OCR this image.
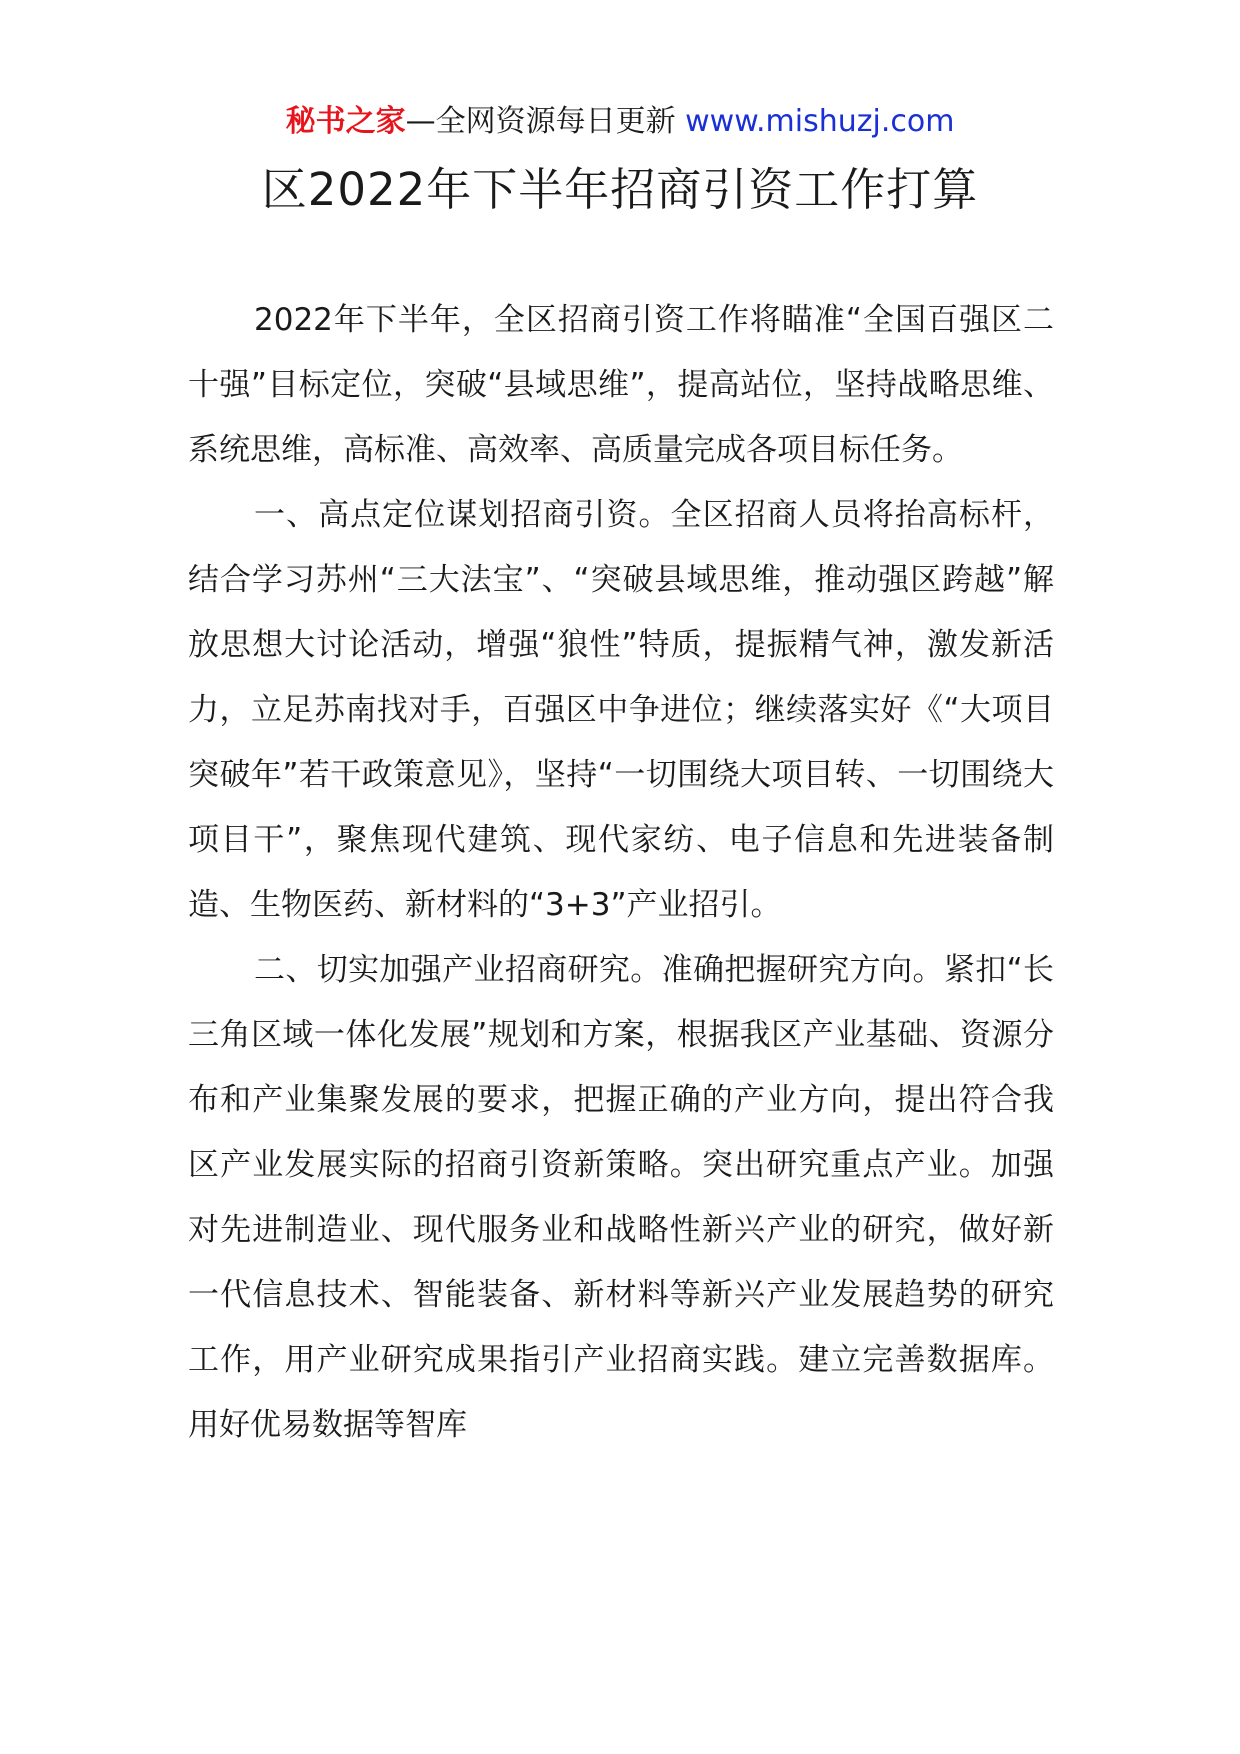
秘书之家—全网资源每日更新 www.mishuzj.com
区2022年下半年招商引资工作打算

2022年下半年，全区招商引资工作将瞄准“全国百强区二十强”目标定位，突破“县域思维”，提高站位，坚持战略思维、系统思维，高标准、高效率、高质量完成各项目标任务。

一、高点定位谋划招商引资。全区招商人员将抬高标杆，结合学习苏州“三大法宝”、“突破县域思维，推动强区跨越”解放思想大讨论活动，增强“狼性”特质，提振精气神，激发新活力，立足苏南找对手，百强区中争进位；继续落实好《“大项目突破年”若干政策意见》，坚持“一切围绕大项目转、一切围绕大项目干”，聚焦现代建筑、现代家纺、电子信息和先进装备制造、生物医药、新材料的“3+3”产业招引。

二、切实加强产业招商研究。准确把握研究方向。紧扣“长三角区域一体化发展”规划和方案，根据我区产业基础、资源分布和产业集聚发展的要求，把握正确的产业方向，提出符合我区产业发展实际的招商引资新策略。突出研究重点产业。加强对先进制造业、现代服务业和战略性新兴产业的研究，做好新一代信息技术、智能装备、新材料等新兴产业发展趋势的研究工作，用产业研究成果指引产业招商实践。建立完善数据库。用好优易数据等智库
